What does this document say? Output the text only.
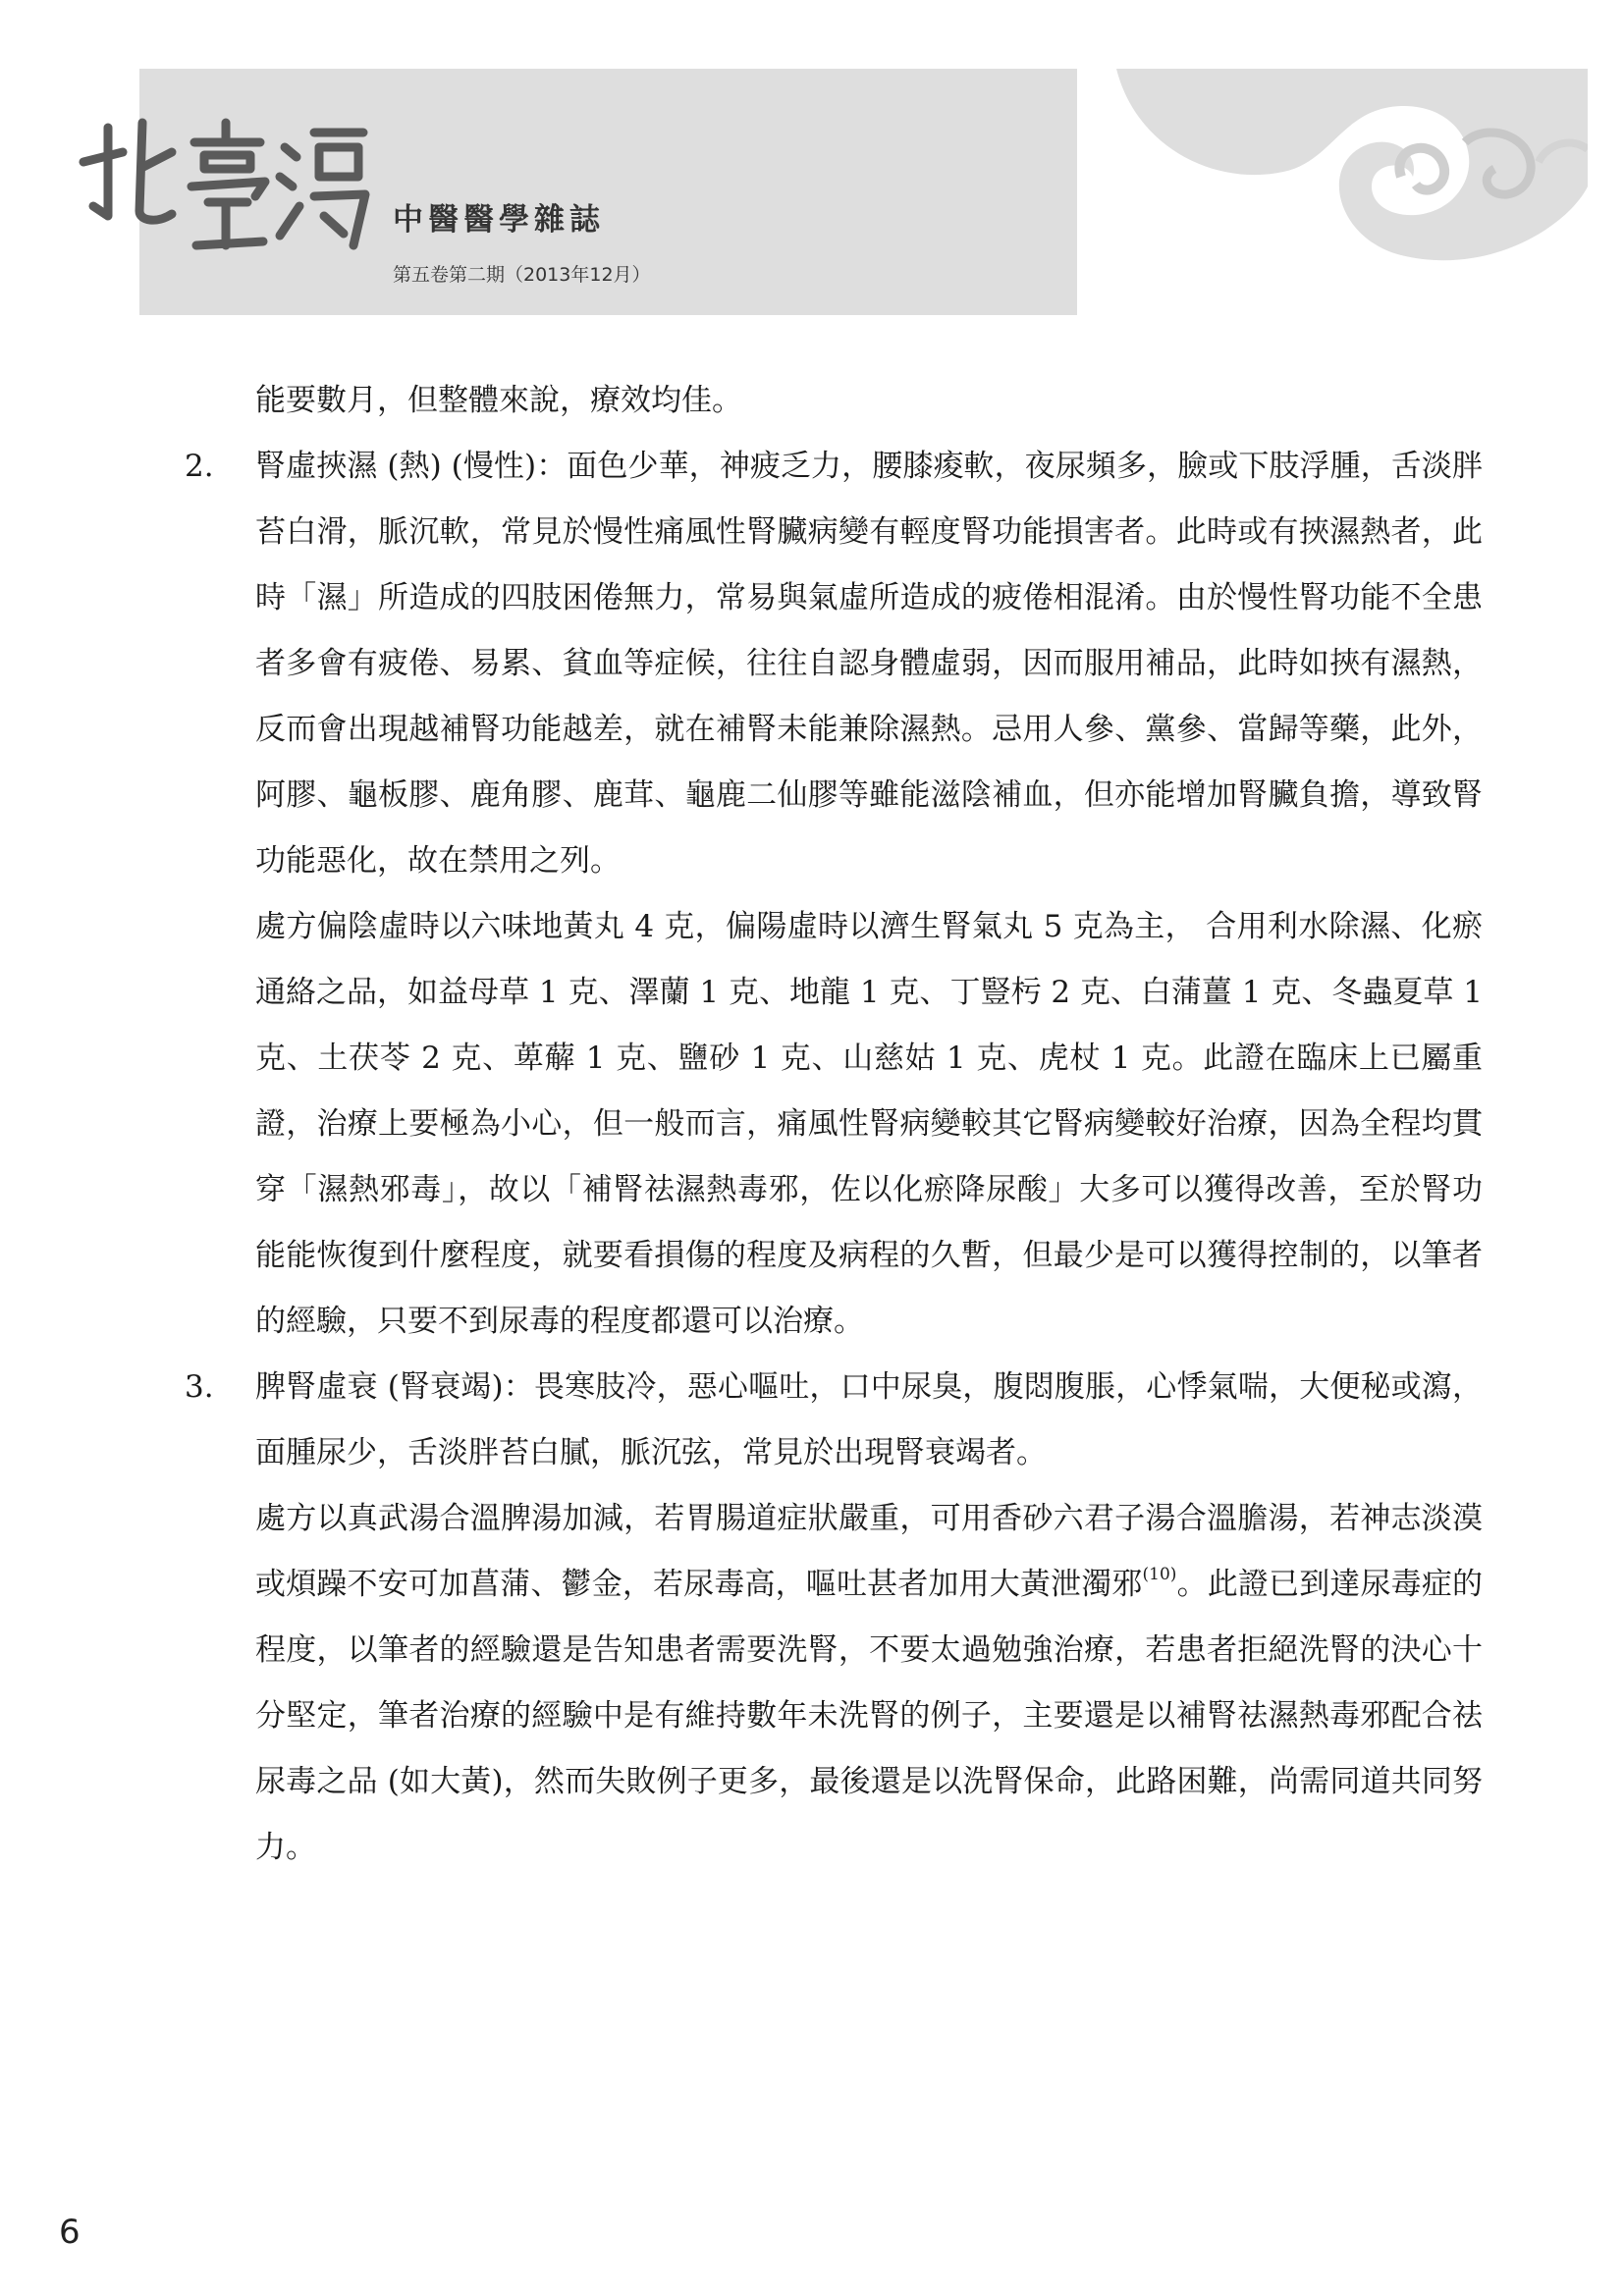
中醫醫學雜誌
第五卷第二期（2013年12月）

能要數月，但整體來說，療效均佳。

2. 腎虛挾濕 (熱) (慢性)：面色少華，神疲乏力，腰膝痠軟，夜尿頻多，臉或下肢浮腫，舌淡胖苔白滑，脈沉軟，常見於慢性痛風性腎臟病變有輕度腎功能損害者。此時或有挾濕熱者，此時「濕」所造成的四肢困倦無力，常易與氣虛所造成的疲倦相混淆。由於慢性腎功能不全患者多會有疲倦、易累、貧血等症候，往往自認身體虛弱，因而服用補品，此時如挾有濕熱，反而會出現越補腎功能越差，就在補腎未能兼除濕熱。忌用人參、黨參、當歸等藥，此外，阿膠、龜板膠、鹿角膠、鹿茸、龜鹿二仙膠等雖能滋陰補血，但亦能增加腎臟負擔，導致腎功能惡化，故在禁用之列。

處方偏陰虛時以六味地黃丸 4 克，偏陽虛時以濟生腎氣丸 5 克為主， 合用利水除濕、化瘀通絡之品，如益母草 1 克、澤蘭 1 克、地龍 1 克、丁豎杇 2 克、白蒲薑 1 克、冬蟲夏草 1 克、土茯苓 2 克、萆薢 1 克、鹽砂 1 克、山慈姑 1 克、虎杖 1 克。此證在臨床上已屬重證，治療上要極為小心，但一般而言，痛風性腎病變較其它腎病變較好治療，因為全程均貫穿「濕熱邪毒」，故以「補腎祛濕熱毒邪，佐以化瘀降尿酸」大多可以獲得改善，至於腎功能能恢復到什麼程度，就要看損傷的程度及病程的久暫，但最少是可以獲得控制的，以筆者的經驗，只要不到尿毒的程度都還可以治療。

3. 脾腎虛衰 (腎衰竭)：畏寒肢冷，惡心嘔吐，口中尿臭，腹悶腹脹，心悸氣喘，大便秘或瀉，面腫尿少，舌淡胖苔白膩，脈沉弦，常見於出現腎衰竭者。

處方以真武湯合溫脾湯加減，若胃腸道症狀嚴重，可用香砂六君子湯合溫膽湯，若神志淡漠或煩躁不安可加菖蒲、鬱金，若尿毒高，嘔吐甚者加用大黃泄濁邪$^{(10)}$。此證已到達尿毒症的程度，以筆者的經驗還是告知患者需要洗腎，不要太過勉強治療，若患者拒絕洗腎的決心十分堅定，筆者治療的經驗中是有維持數年未洗腎的例子，主要還是以補腎祛濕熱毒邪配合祛尿毒之品 (如大黃)，然而失敗例子更多，最後還是以洗腎保命，此路困難，尚需同道共同努力。

6
